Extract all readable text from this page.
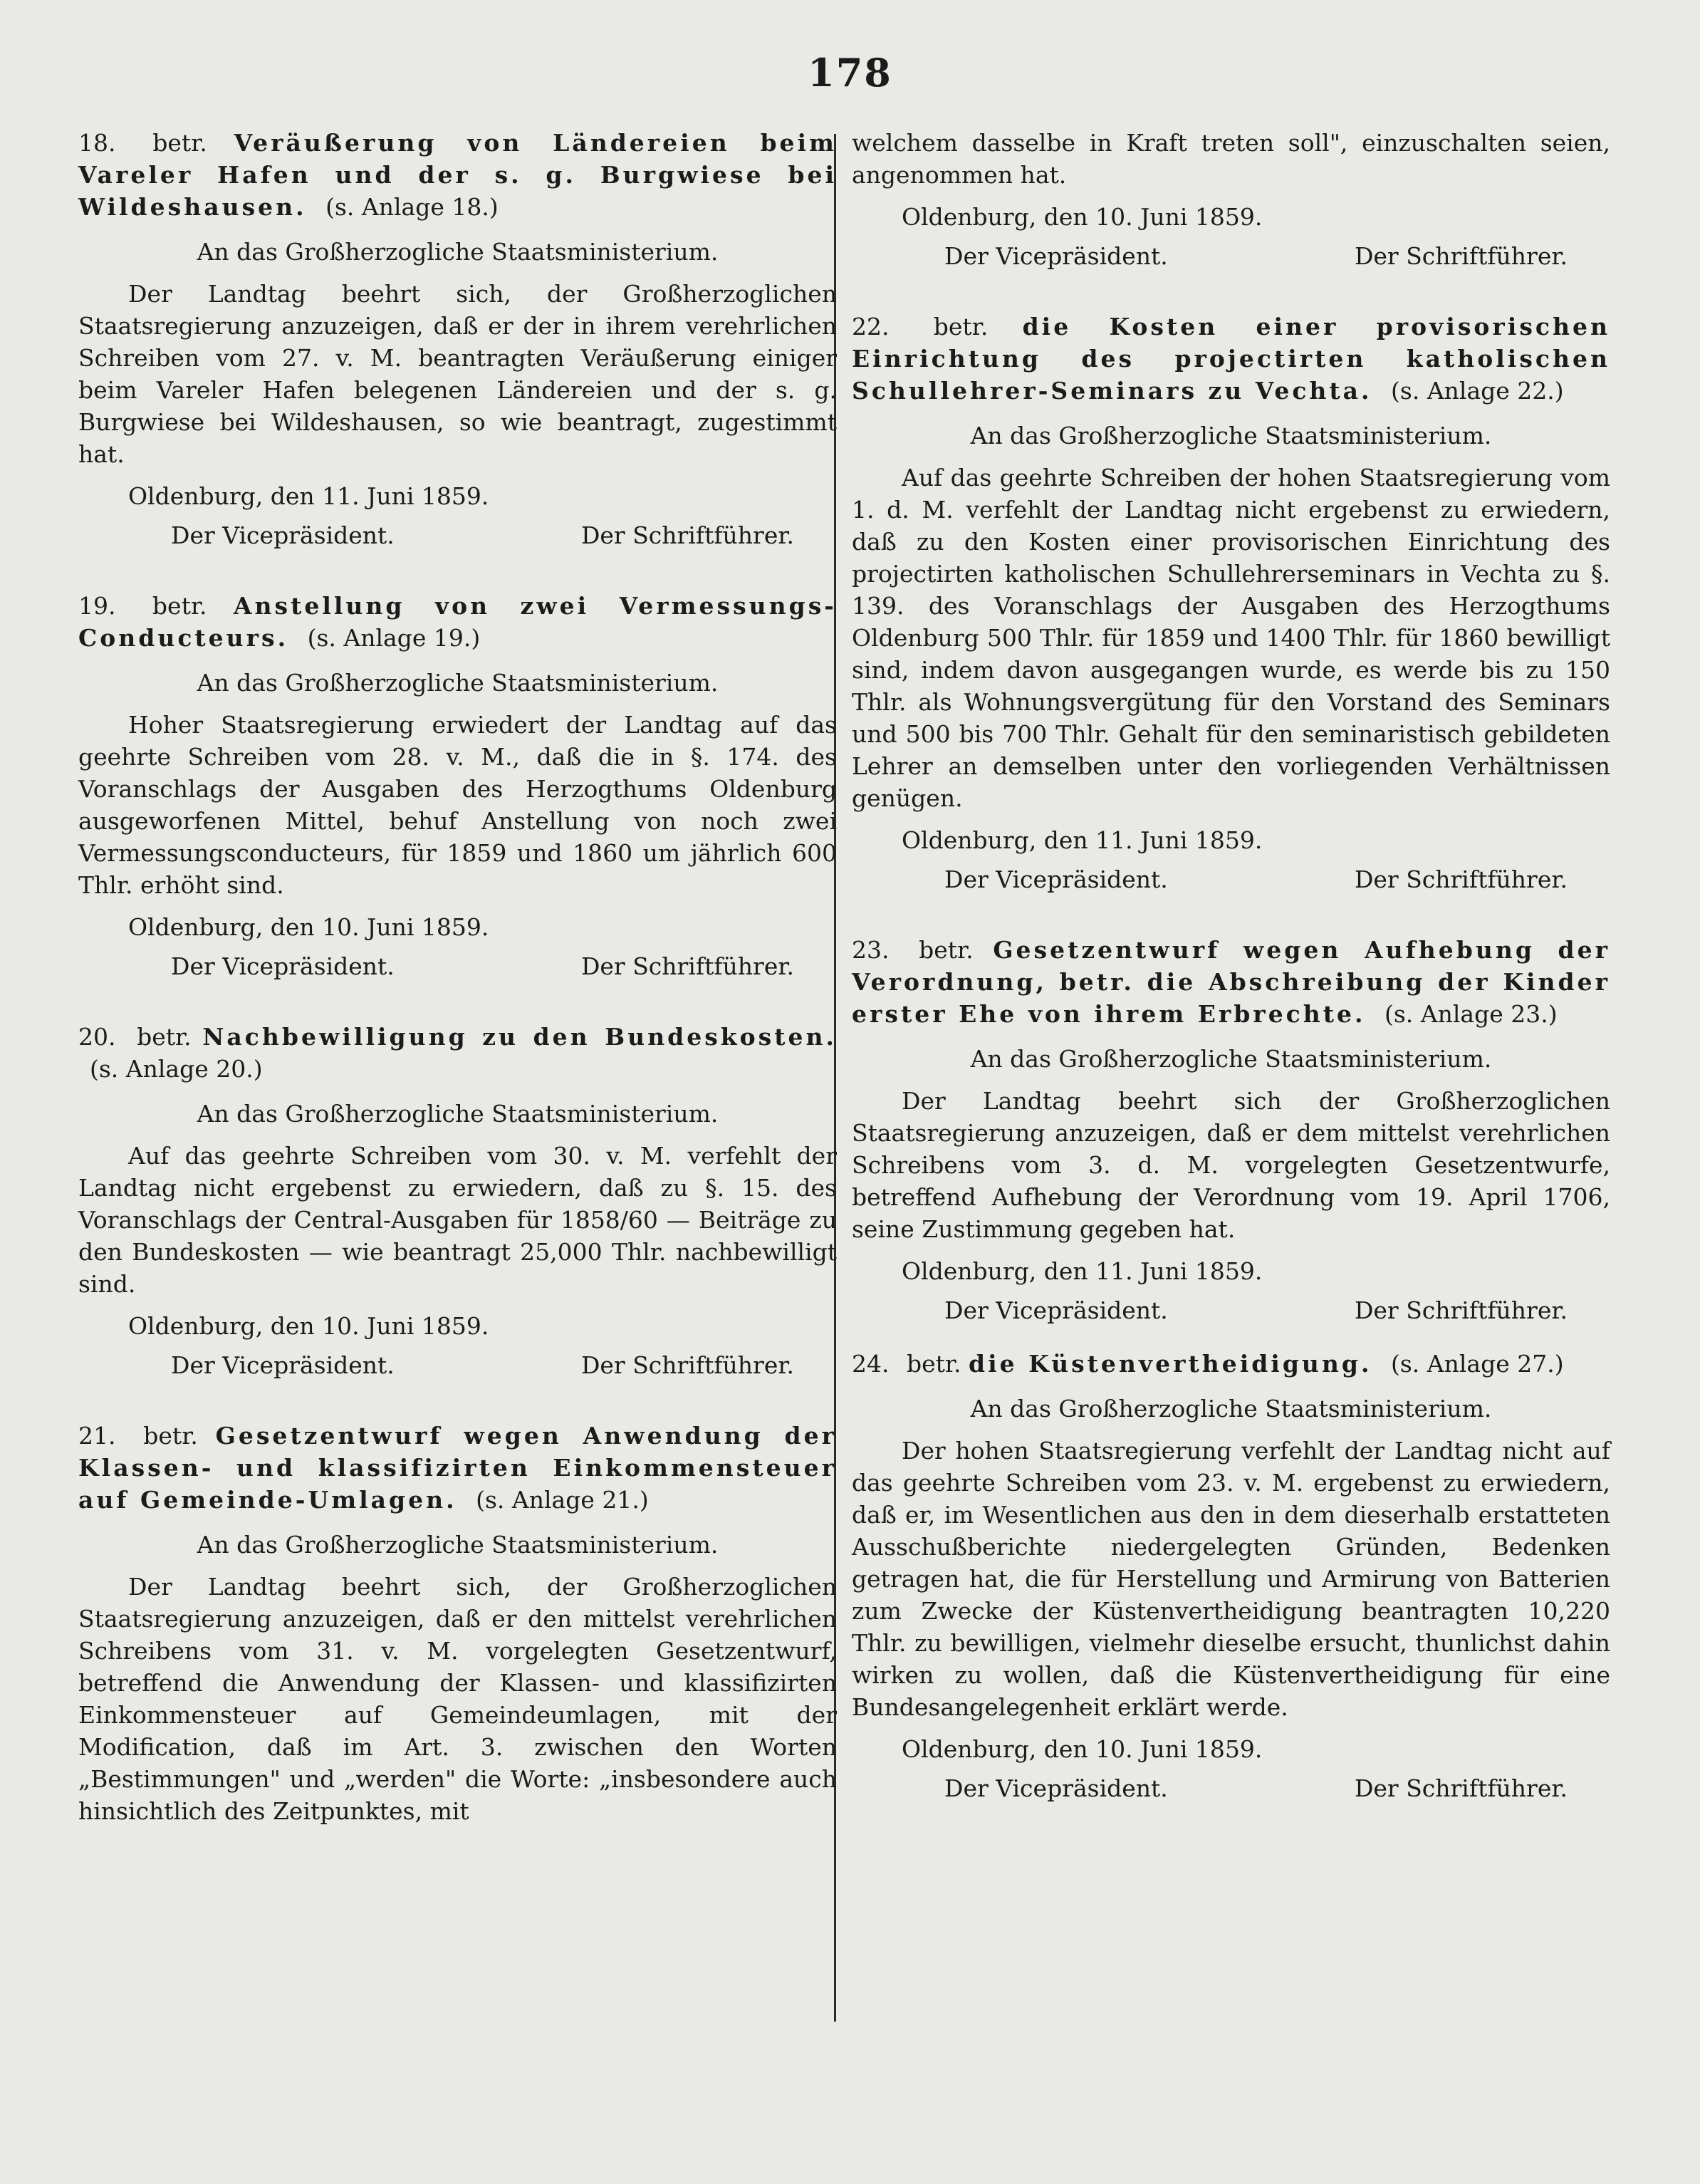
178

18. betr. Veräußerung von Ländereien beim Vareler Hafen und der s. g. Burgwiese bei Wildeshausen. (s. Anlage 18.)

An das Großherzogliche Staatsministerium.

Der Landtag beehrt sich, der Großherzoglichen Staatsregierung anzuzeigen, daß er der in ihrem verehrlichen Schreiben vom 27. v. M. beantragten Veräußerung einiger beim Vareler Hafen belegenen Ländereien und der s. g. Burgwiese bei Wildeshausen, so wie beantragt, zugestimmt hat.

Oldenburg, den 11. Juni 1859.

Der Vicepräsident.	Der Schriftführer.

19. betr. Anstellung von zwei Vermessungs-Conducteurs. (s. Anlage 19.)

An das Großherzogliche Staatsministerium.

Hoher Staatsregierung erwiedert der Landtag auf das geehrte Schreiben vom 28. v. M., daß die in §. 174. des Voranschlags der Ausgaben des Herzogthums Oldenburg ausgeworfenen Mittel, behuf Anstellung von noch zwei Vermessungsconducteurs, für 1859 und 1860 um jährlich 600 Thlr. erhöht sind.

Oldenburg, den 10. Juni 1859.

Der Vicepräsident.	Der Schriftführer.

20. betr. Nachbewilligung zu den Bundeskosten. (s. Anlage 20.)

An das Großherzogliche Staatsministerium.

Auf das geehrte Schreiben vom 30. v. M. verfehlt der Landtag nicht ergebenst zu erwiedern, daß zu §. 15. des Voranschlags der Central-Ausgaben für 1858/60 — Beiträge zu den Bundeskosten — wie beantragt 25,000 Thlr. nachbewilligt sind.

Oldenburg, den 10. Juni 1859.

Der Vicepräsident.	Der Schriftführer.

21. betr. Gesetzentwurf wegen Anwendung der Klassen- und klassifizirten Einkommensteuer auf Gemeinde-Umlagen. (s. Anlage 21.)

An das Großherzogliche Staatsministerium.

Der Landtag beehrt sich, der Großherzoglichen Staatsregierung anzuzeigen, daß er den mittelst verehrlichen Schreibens vom 31. v. M. vorgelegten Gesetzentwurf, betreffend die Anwendung der Klassen- und klassifizirten Einkommensteuer auf Gemeindeumlagen, mit der Modification, daß im Art. 3. zwischen den Worten „Bestimmungen" und „werden" die Worte: „insbesondere auch hinsichtlich des Zeitpunktes, mit

welchem dasselbe in Kraft treten soll", einzuschalten seien, angenommen hat.

Oldenburg, den 10. Juni 1859.

Der Vicepräsident.	Der Schriftführer.

22. betr. die Kosten einer provisorischen Einrichtung des projectirten katholischen Schullehrer-Seminars zu Vechta. (s. Anlage 22.)

An das Großherzogliche Staatsministerium.

Auf das geehrte Schreiben der hohen Staatsregierung vom 1. d. M. verfehlt der Landtag nicht ergebenst zu erwiedern, daß zu den Kosten einer provisorischen Einrichtung des projectirten katholischen Schullehrerseminars in Vechta zu §. 139. des Voranschlags der Ausgaben des Herzogthums Oldenburg 500 Thlr. für 1859 und 1400 Thlr. für 1860 bewilligt sind, indem davon ausgegangen wurde, es werde bis zu 150 Thlr. als Wohnungsvergütung für den Vorstand des Seminars und 500 bis 700 Thlr. Gehalt für den seminaristisch gebildeten Lehrer an demselben unter den vorliegenden Verhältnissen genügen.

Oldenburg, den 11. Juni 1859.

Der Vicepräsident.	Der Schriftführer.

23. betr. Gesetzentwurf wegen Aufhebung der Verordnung, betr. die Abschreibung der Kinder erster Ehe von ihrem Erbrechte. (s. Anlage 23.)

An das Großherzogliche Staatsministerium.

Der Landtag beehrt sich der Großherzoglichen Staatsregierung anzuzeigen, daß er dem mittelst verehrlichen Schreibens vom 3. d. M. vorgelegten Gesetzentwurfe, betreffend Aufhebung der Verordnung vom 19. April 1706, seine Zustimmung gegeben hat.

Oldenburg, den 11. Juni 1859.

Der Vicepräsident.	Der Schriftführer.

24. betr. die Küstenvertheidigung. (s. Anlage 27.)

An das Großherzogliche Staatsministerium.

Der hohen Staatsregierung verfehlt der Landtag nicht auf das geehrte Schreiben vom 23. v. M. ergebenst zu erwiedern, daß er, im Wesentlichen aus den in dem dieserhalb erstatteten Ausschußberichte niedergelegten Gründen, Bedenken getragen hat, die für Herstellung und Armirung von Batterien zum Zwecke der Küstenvertheidigung beantragten 10,220 Thlr. zu bewilligen, vielmehr dieselbe ersucht, thunlichst dahin wirken zu wollen, daß die Küstenvertheidigung für eine Bundesangelegenheit erklärt werde.

Oldenburg, den 10. Juni 1859.

Der Vicepräsident.	Der Schriftführer.
